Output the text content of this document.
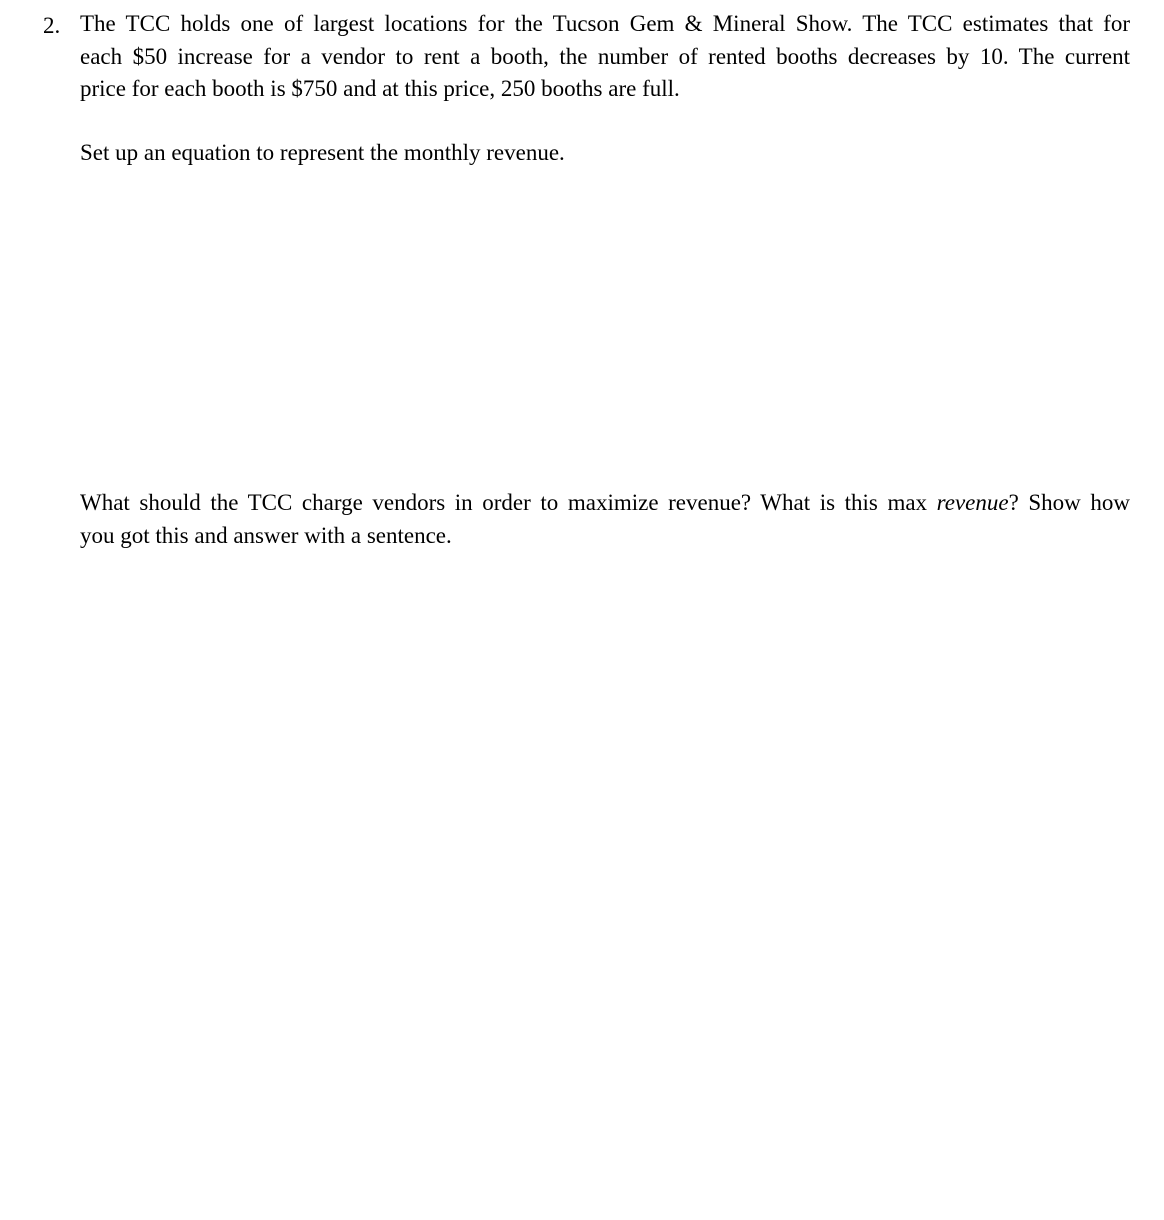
2. The TCC holds one of largest locations for the Tucson Gem & Mineral Show. The TCC estimates that for
each $50 increase for a vendor to rent a booth, the number of rented booths decreases by 10. The current
price for each booth is $750 and at this price, 250 booths are full.

Set up an equation to represent the monthly revenue.

What should the TCC charge vendors in order to maximize revenue? What is this max revenue? Show how
you got this and answer with a sentence.
